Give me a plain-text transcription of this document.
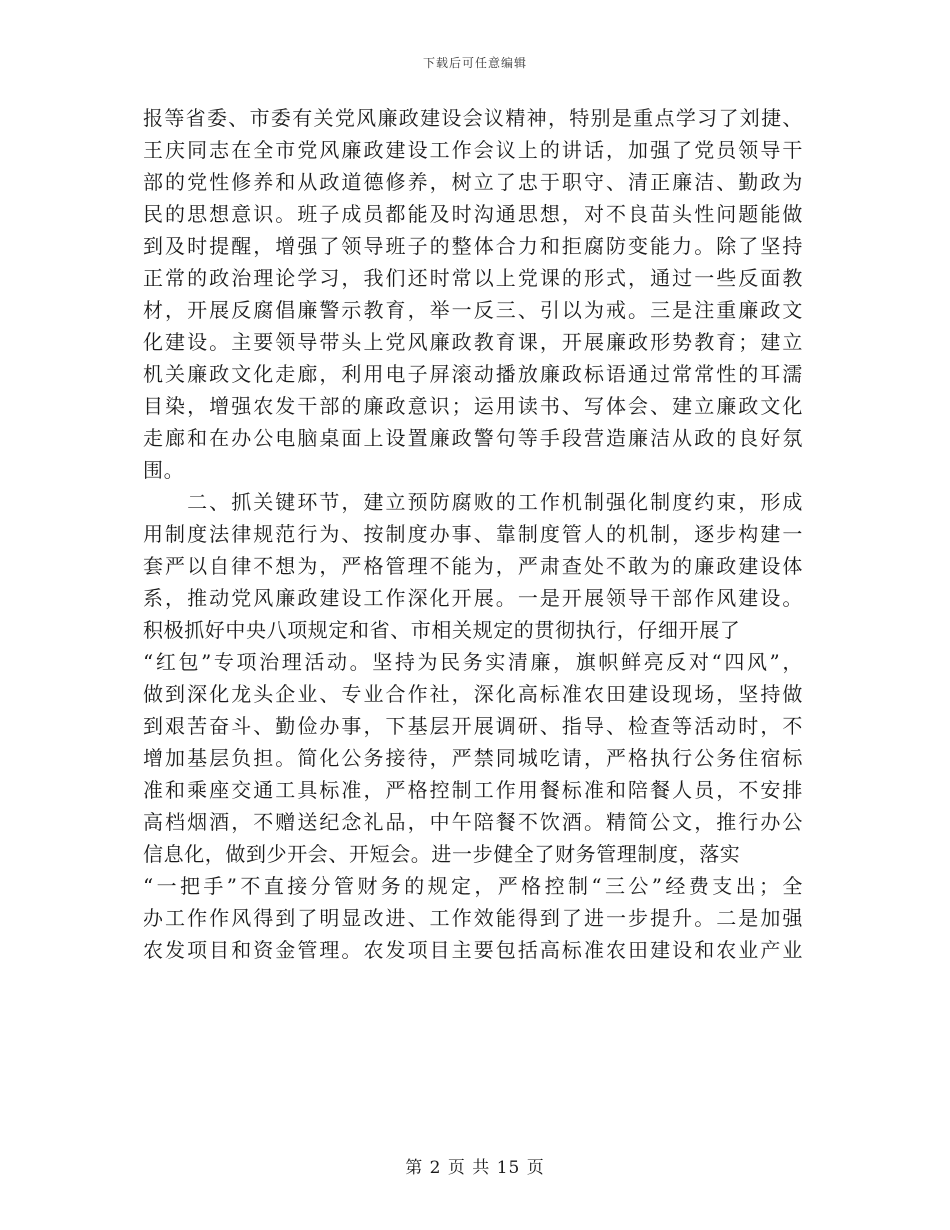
下载后可任意编辑
报等省委、市委有关党风廉政建设会议精神，特别是重点学习了刘捷、
王庆同志在全市党风廉政建设工作会议上的讲话，加强了党员领导干
部的党性修养和从政道德修养，树立了忠于职守、清正廉洁、勤政为
民的思想意识。班子成员都能及时沟通思想，对不良苗头性问题能做
到及时提醒，增强了领导班子的整体合力和拒腐防变能力。除了坚持
正常的政治理论学习，我们还时常以上党课的形式，通过一些反面教
材，开展反腐倡廉警示教育，举一反三、引以为戒。三是注重廉政文
化建设。主要领导带头上党风廉政教育课，开展廉政形势教育；建立
机关廉政文化走廊，利用电子屏滚动播放廉政标语通过常常性的耳濡
目染，增强农发干部的廉政意识；运用读书、写体会、建立廉政文化
走廊和在办公电脑桌面上设置廉政警句等手段营造廉洁从政的良好氛
围。
　　二、抓关键环节，建立预防腐败的工作机制强化制度约束，形成
用制度法律规范行为、按制度办事、靠制度管人的机制，逐步构建一
套严以自律不想为，严格管理不能为，严肃查处不敢为的廉政建设体
系，推动党风廉政建设工作深化开展。一是开展领导干部作风建设。
积极抓好中央八项规定和省、市相关规定的贯彻执行，仔细开展了
“红包”专项治理活动。坚持为民务实清廉，旗帜鲜亮反对“四风”，
做到深化龙头企业、专业合作社，深化高标准农田建设现场，坚持做
到艰苦奋斗、勤俭办事，下基层开展调研、指导、检查等活动时，不
增加基层负担。简化公务接待，严禁同城吃请，严格执行公务住宿标
准和乘座交通工具标准，严格控制工作用餐标准和陪餐人员，不安排
高档烟酒，不赠送纪念礼品，中午陪餐不饮酒。精简公文，推行办公
信息化，做到少开会、开短会。进一步健全了财务管理制度，落实
“一把手”不直接分管财务的规定，严格控制“三公”经费支出；全
办工作作风得到了明显改进、工作效能得到了进一步提升。二是加强
农发项目和资金管理。农发项目主要包括高标准农田建设和农业产业
第 2 页 共 15 页
